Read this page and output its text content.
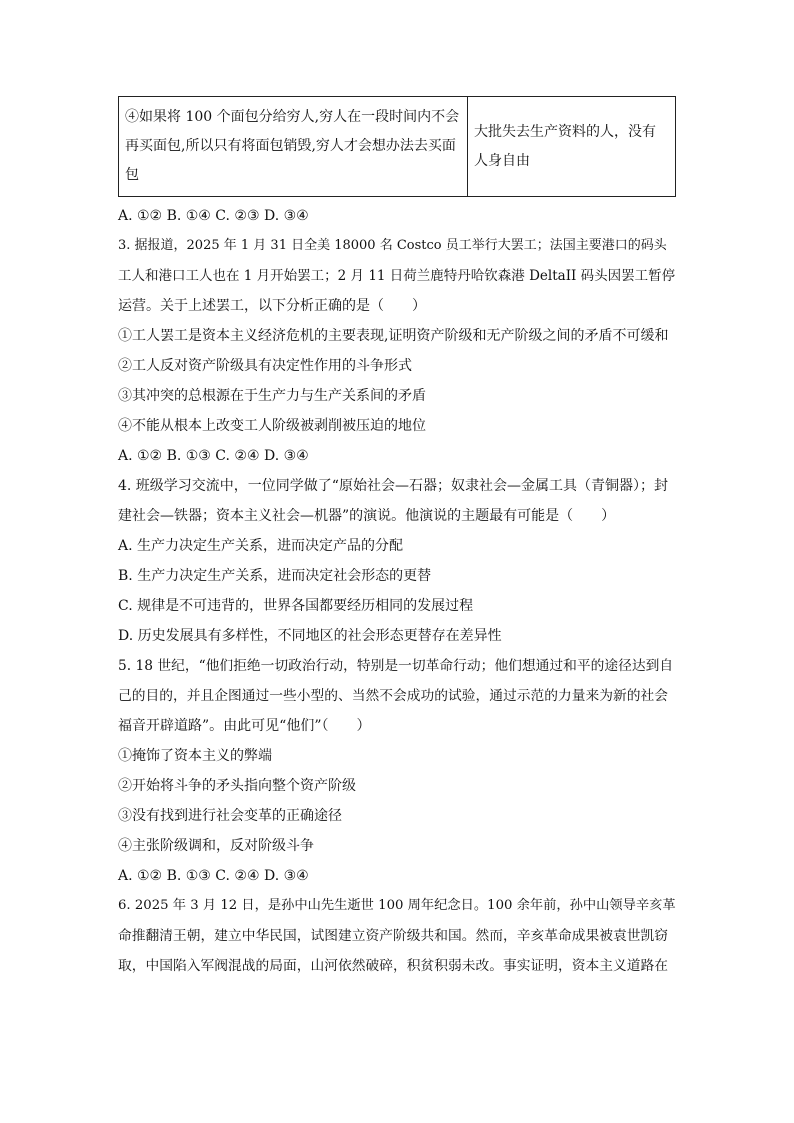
④如果将 100 个面包分给穷人,穷人在一段时间内不会再买面包,所以只有将面包销毁,穷人才会想办法去买面包	大批失去生产资料的人，没有人身自由
A. ①② B. ①④ C. ②③ D. ③④
3. 据报道，2025 年 1 月 31 日全美 18000 名 Costco 员工举行大罢工；法国主要港口的码头
工人和港口工人也在 1 月开始罢工；2 月 11 日荷兰鹿特丹哈钦森港 DeltaII 码头因罢工暂停
运营。关于上述罢工，以下分析正确的是（　　）
①工人罢工是资本主义经济危机的主要表现,证明资产阶级和无产阶级之间的矛盾不可缓和
②工人反对资产阶级具有决定性作用的斗争形式
③其冲突的总根源在于生产力与生产关系间的矛盾
④不能从根本上改变工人阶级被剥削被压迫的地位
A. ①② B. ①③ C. ②④ D. ③④
4. 班级学习交流中，一位同学做了“原始社会—石器；奴隶社会—金属工具（青铜器）；封
建社会—铁器；资本主义社会—机器”的演说。他演说的主题最有可能是（　　）
A. 生产力决定生产关系，进而决定产品的分配
B. 生产力决定生产关系，进而决定社会形态的更替
C. 规律是不可违背的，世界各国都要经历相同的发展过程
D. 历史发展具有多样性，不同地区的社会形态更替存在差异性
5. 18 世纪，“他们拒绝一切政治行动，特别是一切革命行动；他们想通过和平的途径达到自
己的目的，并且企图通过一些小型的、当然不会成功的试验，通过示范的力量来为新的社会
福音开辟道路”。由此可见“他们”（　　）
①掩饰了资本主义的弊端
②开始将斗争的矛头指向整个资产阶级
③没有找到进行社会变革的正确途径
④主张阶级调和，反对阶级斗争
A. ①② B. ①③ C. ②④ D. ③④
6. 2025 年 3 月 12 日，是孙中山先生逝世 100 周年纪念日。100 余年前，孙中山领导辛亥革
命推翻清王朝，建立中华民国，试图建立资产阶级共和国。然而，辛亥革命成果被袁世凯窃
取，中国陷入军阀混战的局面，山河依然破碎，积贫积弱未改。事实证明，资本主义道路在
